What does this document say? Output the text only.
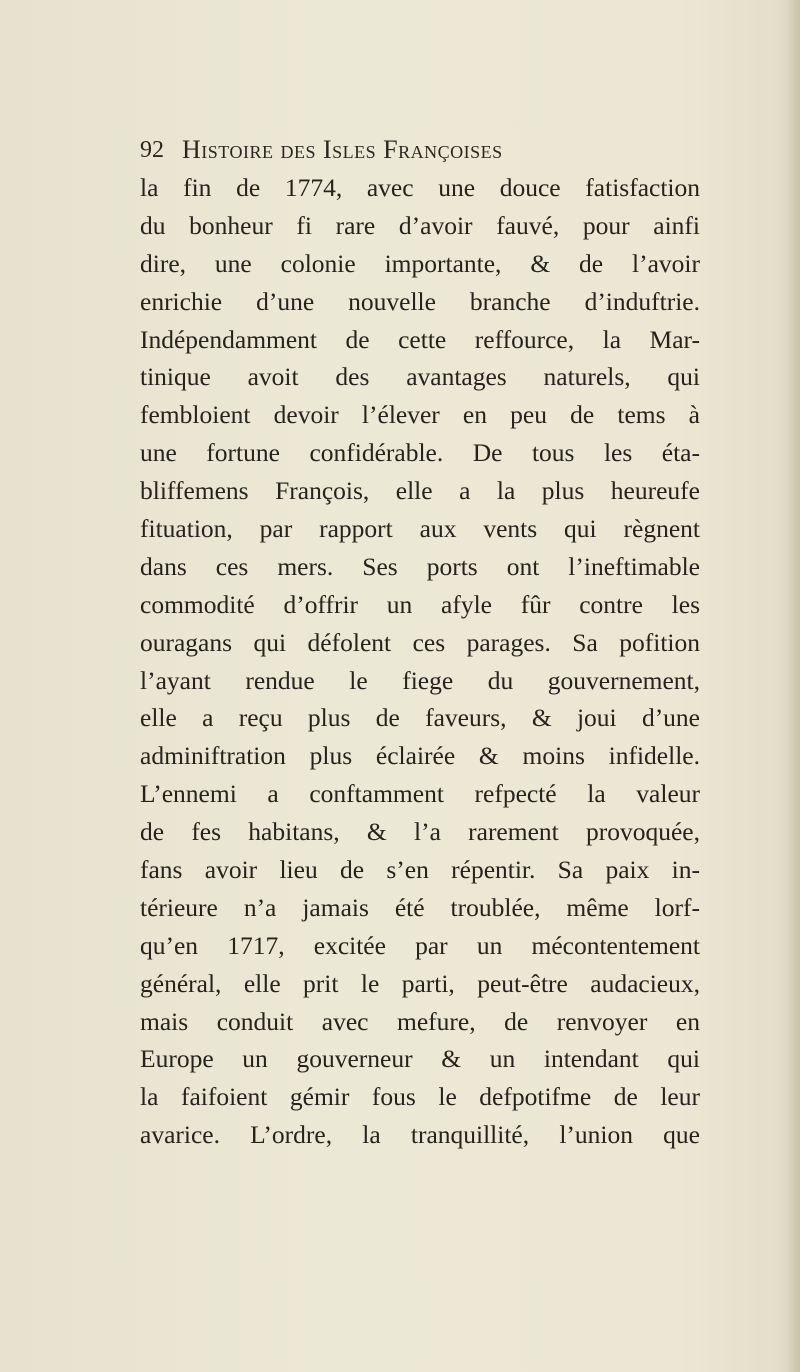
92 Histoire des Isles Françoises
la fin de 1774, avec une douce fatisfaction
du bonheur fi rare d’avoir fauvé, pour ainfi
dire, une colonie importante, & de l’avoir
enrichie d’une nouvelle branche d’induftrie.
Indépendamment de cette reffource, la Mar-
tinique avoit des avantages naturels, qui
fembloient devoir l’élever en peu de tems à
une fortune confidérable. De tous les éta-
bliffemens François, elle a la plus heureufe
fituation, par rapport aux vents qui règnent
dans ces mers. Ses ports ont l’ineftimable
commodité d’offrir un afyle fûr contre les
ouragans qui défolent ces parages. Sa pofition
l’ayant rendue le fiege du gouvernement,
elle a reçu plus de faveurs, & joui d’une
adminiftration plus éclairée & moins infidelle.
L’ennemi a conftamment refpecté la valeur
de fes habitans, & l’a rarement provoquée,
fans avoir lieu de s’en répentir. Sa paix in-
térieure n’a jamais été troublée, même lorf-
qu’en 1717, excitée par un mécontentement
général, elle prit le parti, peut-être audacieux,
mais conduit avec mefure, de renvoyer en
Europe un gouverneur & un intendant qui
la faifoient gémir fous le defpotifme de leur
avarice. L’ordre, la tranquillité, l’union que
